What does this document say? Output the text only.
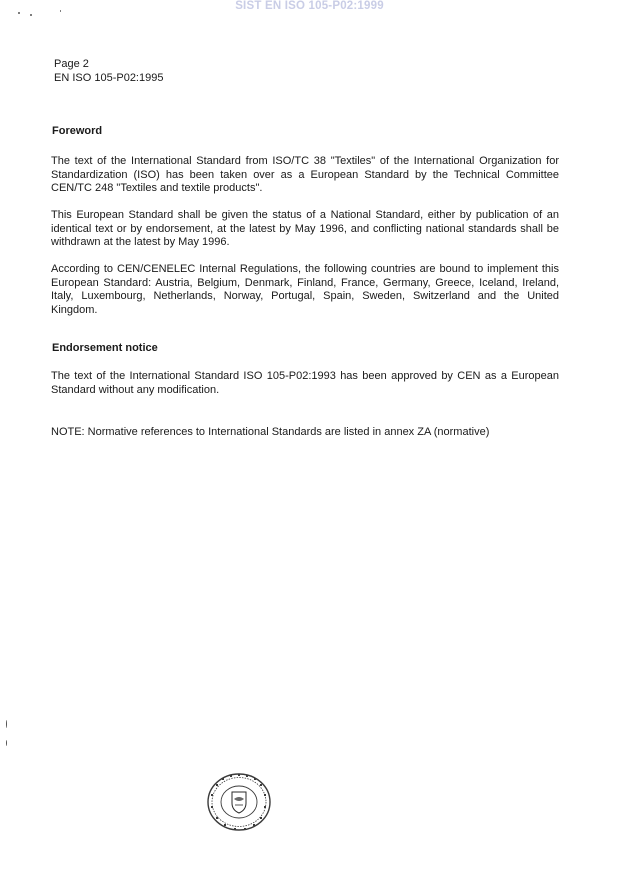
SIST EN ISO 105-P02:1999
Page 2
EN ISO 105-P02:1995
Foreword
The text of the International Standard from ISO/TC 38 "Textiles" of the International Organization for Standardization (ISO) has been taken over as a European Standard by the Technical Committee CEN/TC 248 "Textiles and textile products".
This European Standard shall be given the status of a National Standard, either by publication of an identical text or by endorsement, at the latest by May 1996, and conflicting national standards shall be withdrawn at the latest by May 1996.
According to CEN/CENELEC Internal Regulations, the following countries are bound to implement this European Standard: Austria, Belgium, Denmark, Finland, France, Germany, Greece, Iceland, Ireland, Italy, Luxembourg, Netherlands, Norway, Portugal, Spain, Sweden, Switzerland and the United Kingdom.
Endorsement notice
The text of the International Standard ISO 105-P02:1993 has been approved by CEN as a European Standard without any modification.
NOTE: Normative references to International Standards are listed in annex ZA (normative)
